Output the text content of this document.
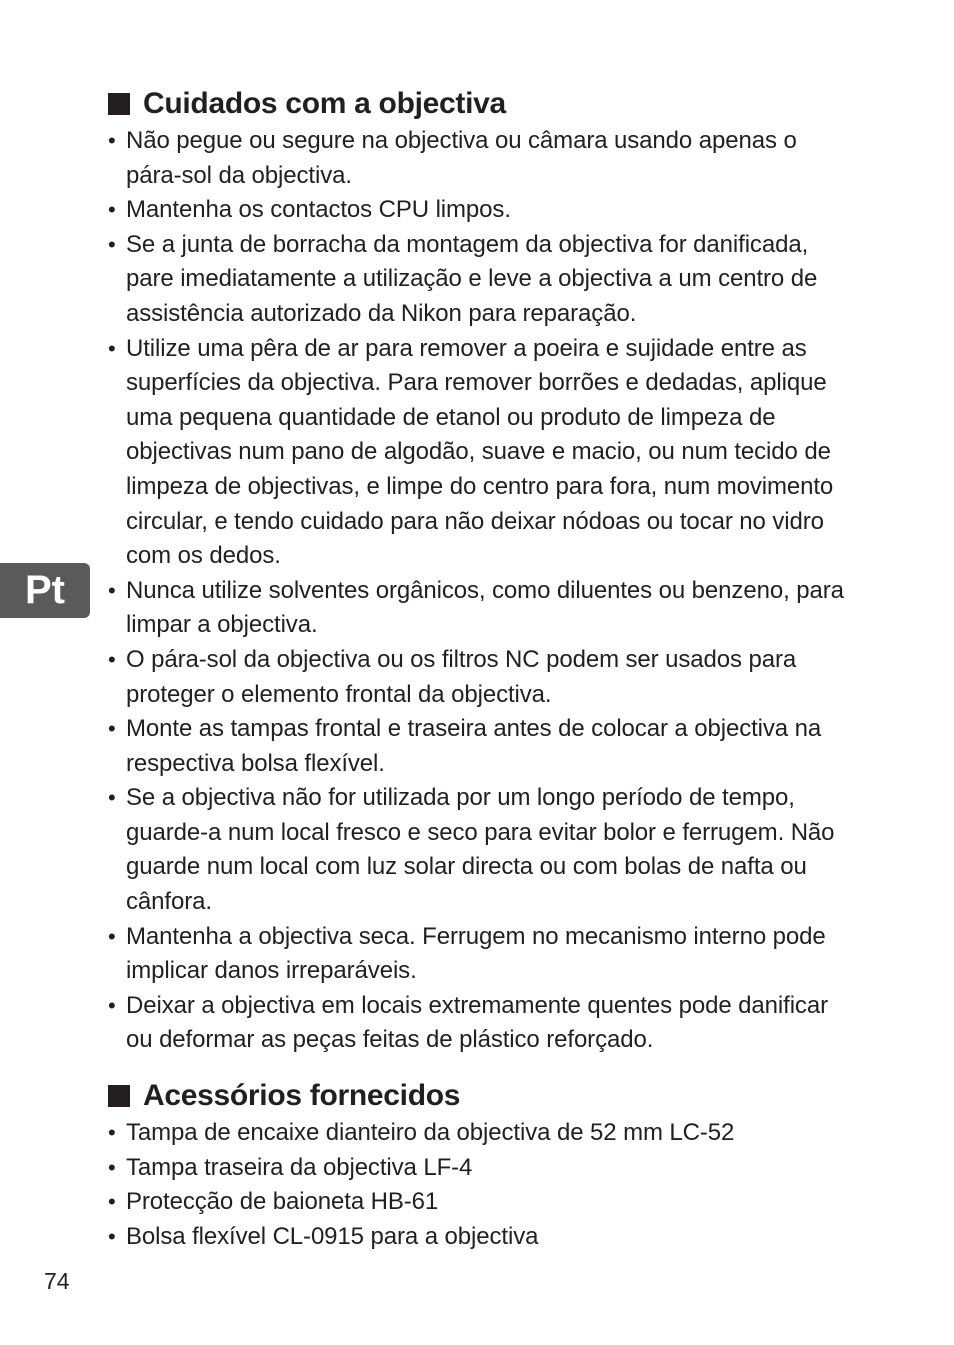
Pt
Cuidados com a objectiva
• Não pegue ou segure na objectiva ou câmara usando apenas o pára-sol da objectiva.
• Mantenha os contactos CPU limpos.
• Se a junta de borracha da montagem da objectiva for danificada, pare imediatamente a utilização e leve a objectiva a um centro de assistência autorizado da Nikon para reparação.
• Utilize uma pêra de ar para remover a poeira e sujidade entre as superfícies da objectiva. Para remover borrões e dedadas, aplique uma pequena quantidade de etanol ou produto de limpeza de objectivas num pano de algodão, suave e macio, ou num tecido de limpeza de objectivas, e limpe do centro para fora, num movimento circular, e tendo cuidado para não deixar nódoas ou tocar no vidro com os dedos.
• Nunca utilize solventes orgânicos, como diluentes ou benzeno, para limpar a objectiva.
• O pára-sol da objectiva ou os filtros NC podem ser usados para proteger o elemento frontal da objectiva.
• Monte as tampas frontal e traseira antes de colocar a objectiva na respectiva bolsa flexível.
• Se a objectiva não for utilizada por um longo período de tempo, guarde-a num local fresco e seco para evitar bolor e ferrugem. Não guarde num local com luz solar directa ou com bolas de nafta ou cânfora.
• Mantenha a objectiva seca. Ferrugem no mecanismo interno pode implicar danos irreparáveis.
• Deixar a objectiva em locais extremamente quentes pode danificar ou deformar as peças feitas de plástico reforçado.
Acessórios fornecidos
• Tampa de encaixe dianteiro da objectiva de 52 mm LC-52
• Tampa traseira da objectiva LF-4
• Protecção de baioneta HB-61
• Bolsa flexível CL-0915 para a objectiva
74
